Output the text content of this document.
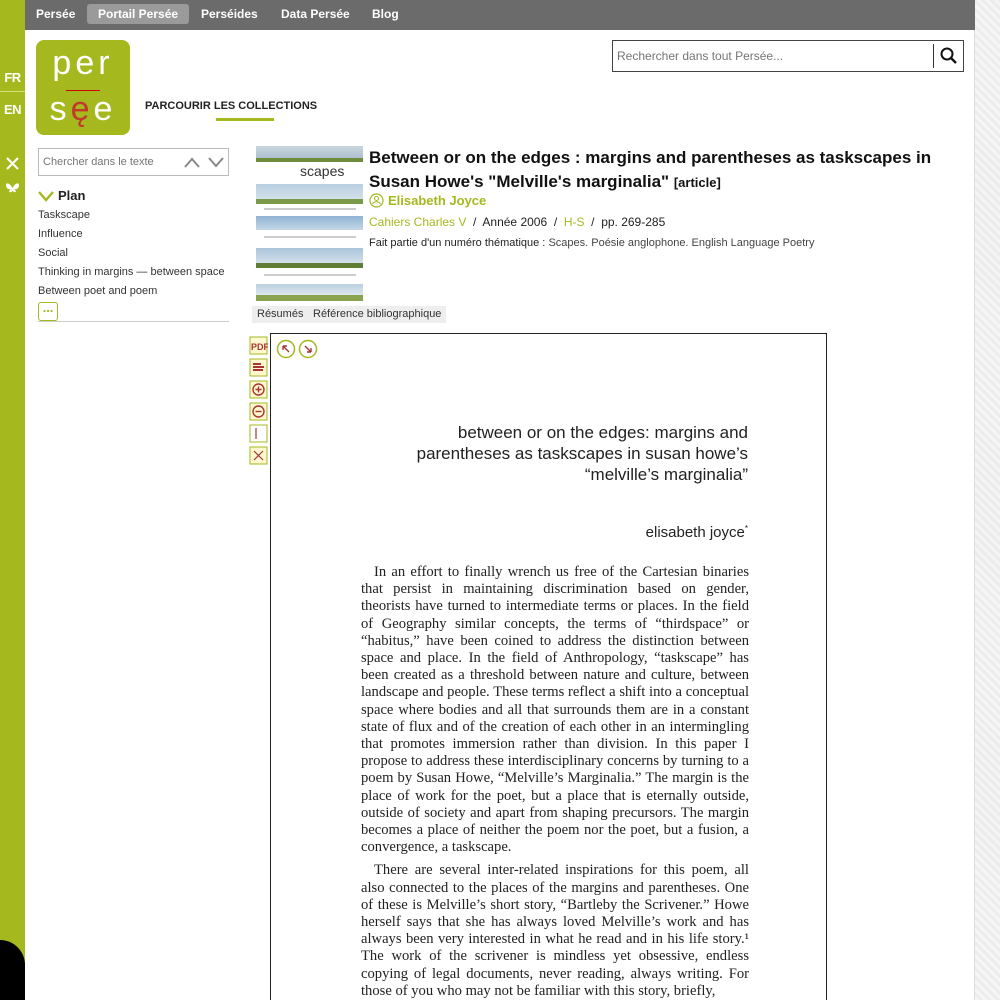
FR
EN
Persée	Portail Persée	Perséides Data Persée Blog
per
sęe	PARCOURIR LES COLLECTIONS
Rechercher dans tout Persée...
Chercher dans le texte
Plan
Taskscape
Influence
Social
Thinking in margins — between space
Between poet and poem
...
scapes
Between or on the edges : margins and parentheses as taskscapes in Susan Howe's "Melville's marginalia" [article]
Elisabeth Joyce
Cahiers Charles V / Année 2006 / H-S / pp. 269-285
Fait partie d'un numéro thématique : Scapes. Poésie anglophone. English Language Poetry
Résumés Référence bibliographique
PDF
between or on the edges: margins and
parentheses as taskscapes in susan howe’s
“melville’s marginalia”
elisabeth joyce*

In an effort to finally wrench us free of the Cartesian binaries that persist in maintaining discrimination based on gender, theorists have turned to intermediate terms or places. In the field of Geography similar concepts, the terms of “thirdspace” or “habitus,” have been coined to address the distinction between space and place. In the field of Anthropology, “taskscape” has been created as a threshold between nature and culture, between landscape and people. These terms reflect a shift into a conceptual space where bodies and all that surrounds them are in a constant state of flux and of the creation of each other in an intermingling that promotes immersion rather than division. In this paper I propose to address these interdisciplinary concerns by turning to a poem by Susan Howe, “Melville’s Marginalia.” The margin is the place of work for the poet, but a place that is eternally outside, outside of society and apart from shaping precursors. The margin becomes a place of neither the poem nor the poet, but a fusion, a convergence, a taskscape.

There are several inter-related inspirations for this poem, all also connected to the places of the margins and parentheses. One of these is Melville’s short story, “Bartleby the Scrivener.” Howe herself says that she has always loved Melville’s work and has always been very interested in what he read and in his life story.¹ The work of the scrivener is mindless yet obsessive, endless copying of legal documents, never reading, always writing. For those of you who may not be familiar with this story, briefly,
